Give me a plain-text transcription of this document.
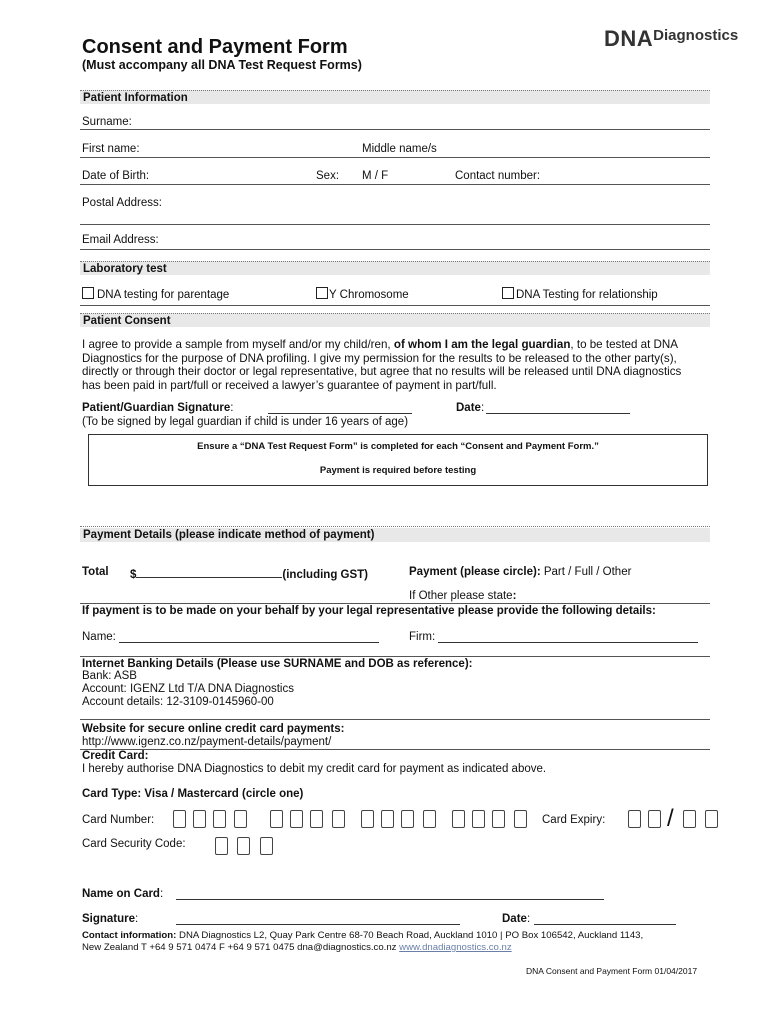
Consent and Payment Form
(Must accompany all DNA Test Request Forms)
DNADiagnostics
Patient Information
Surname:
First name:	Middle name/s
Date of Birth:	Sex: M / F	Contact number:
Postal Address:
Email Address:
Laboratory test
DNA testing for parentage	Y Chromosome	DNA Testing for relationship
Patient Consent
I agree to provide a sample from myself and/or my child/ren, of whom I am the legal guardian, to be tested at DNA Diagnostics for the purpose of DNA profiling. I give my permission for the results to be released to the other party(s), directly or through their doctor or legal representative, but agree that no results will be released until DNA diagnostics has been paid in part/full or received a lawyer’s guarantee of payment in part/full.
Patient/Guardian Signature:	Date:
(To be signed by legal guardian if child is under 16 years of age)
Ensure a “DNA Test Request Form” is completed for each “Consent and Payment Form.”
Payment is required before testing
Payment Details (please indicate method of payment)
Total $	(including GST)	Payment (please circle): Part / Full / Other
If Other please state:
If payment is to be made on your behalf by your legal representative please provide the following details:
Name:	Firm:
Internet Banking Details (Please use SURNAME and DOB as reference):
Bank: ASB
Account: IGENZ Ltd T/A DNA Diagnostics
Account details: 12-3109-0145960-00
Website for secure online credit card payments:
http://www.igenz.co.nz/payment-details/payment/
Credit Card:
I hereby authorise DNA Diagnostics to debit my credit card for payment as indicated above.
Card Type: Visa / Mastercard (circle one)
Card Number:	Card Expiry:	/
Card Security Code:
Name on Card:
Signature:	Date:
Contact information: DNA Diagnostics L2, Quay Park Centre 68-70 Beach Road, Auckland 1010 | PO Box 106542, Auckland 1143,
New Zealand T +64 9 571 0474 F +64 9 571 0475 dna@diagnostics.co.nz www.dnadiagnostics.co.nz
DNA Consent and Payment Form 01/04/2017
